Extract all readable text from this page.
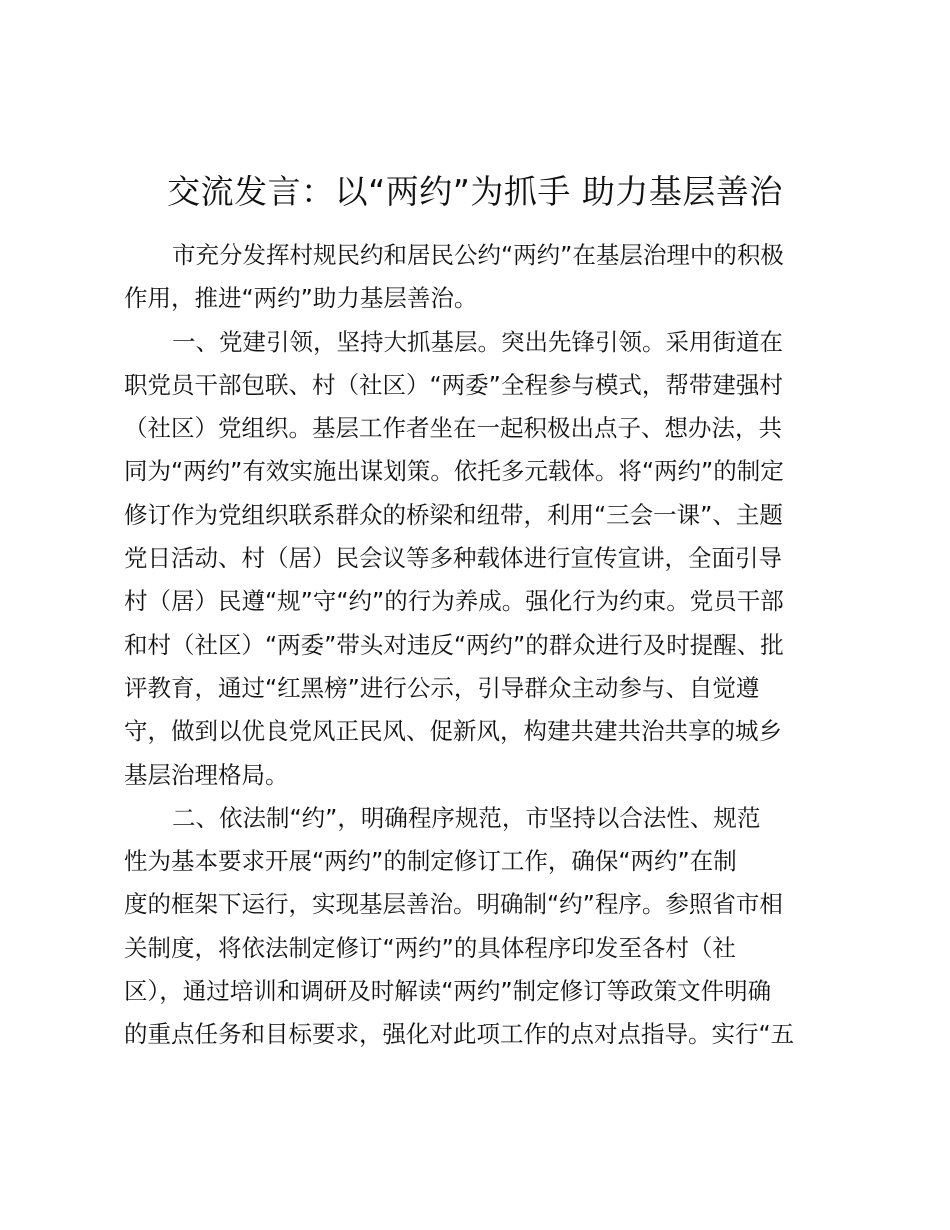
交流发言：以“两约”为抓手 助力基层善治
市充分发挥村规民约和居民公约“两约”在基层治理中的积极
作用，推进“两约”助力基层善治。
一、党建引领，坚持大抓基层。突出先锋引领。采用街道在
职党员干部包联、村（社区）“两委”全程参与模式，帮带建强村
（社区）党组织。基层工作者坐在一起积极出点子、想办法，共
同为“两约”有效实施出谋划策。依托多元载体。将“两约”的制定
修订作为党组织联系群众的桥梁和纽带，利用“三会一课”、主题
党日活动、村（居）民会议等多种载体进行宣传宣讲，全面引导
村（居）民遵“规”守“约”的行为养成。强化行为约束。党员干部
和村（社区）“两委”带头对违反“两约”的群众进行及时提醒、批
评教育，通过“红黑榜”进行公示，引导群众主动参与、自觉遵
守，做到以优良党风正民风、促新风，构建共建共治共享的城乡
基层治理格局。
二、依法制“约”，明确程序规范，市坚持以合法性、规范
性为基本要求开展“两约”的制定修订工作，确保“两约”在制
度的框架下运行，实现基层善治。明确制“约”程序。参照省市相
关制度，将依法制定修订“两约”的具体程序印发至各村（社
区），通过培训和调研及时解读“两约”制定修订等政策文件明确
的重点任务和目标要求，强化对此项工作的点对点指导。实行“五
